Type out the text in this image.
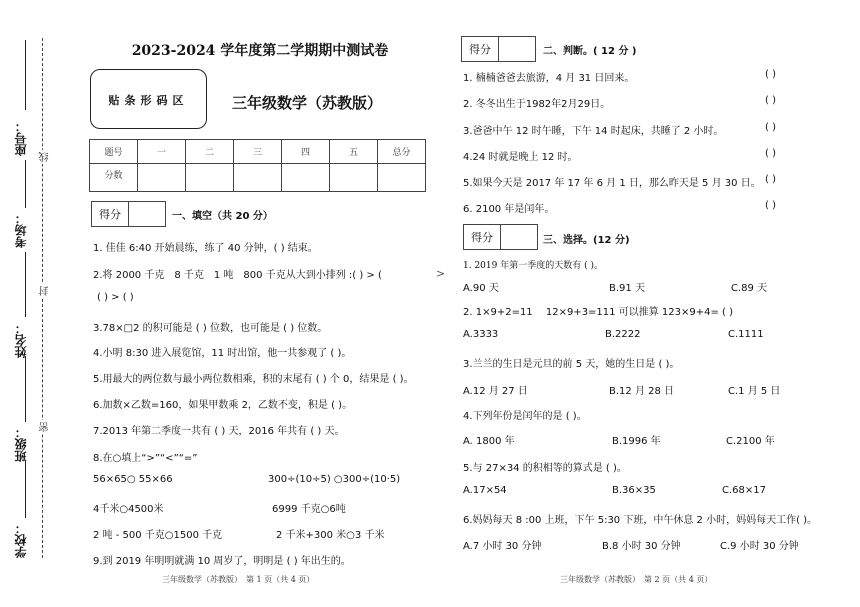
座号：
考场：
姓名：
班级：
学校：
线
封
密
2023-2024 学年度第二学期期中测试卷
贴条形码区	三年级数学（苏教版）
题号	一	二	三	四	五	总分
分数						
得分	一、填空（共 20 分）
1. 佳佳 6:40 开始晨练，练了 40 分钟，( ) 结束。
2.将 2000 千克　8 千克　1 吨　800 千克从大到小排列 :( ) > (	>
( ) > ( )
3.78×□2 的积可能是 ( ) 位数，也可能是 ( ) 位数。
4.小明 8:30 进入展览馆，11 时出馆，他一共参观了 ( )。
5.用最大的两位数与最小两位数相乘，积的末尾有 ( ) 个 0，结果是 ( )。
6.加数×乙数=160，如果甲数乘 2，乙数不变，积是 ( )。
7.2013 年第二季度一共有 ( ) 天，2016 年共有 ( ) 天。
8.在○填上“>”“<”“=”
56×65○ 55×66	300÷(10÷5) ○300÷(10·5)
4千米○4500米	6999 千克○6吨
2 吨 - 500 千克○1500 千克	2 千米+300 米○3 千米
9.到 2019 年明明就满 10 周岁了，明明是 ( ) 年出生的。
三年级数学（苏教版）　第 1 页（共 4 页）
得分	二、判断。( 12 分 )
1. 楠楠爸爸去旅游，4 月 31 日回来。	( )
2. 冬冬出生于1982年2月29日。	( )
3.爸爸中午 12 时午睡，下午 14 时起床，共睡了 2 小时。	( )
4.24 时就是晚上 12 时。	( )
5.如果今天是 2017 年 17 年 6 月 1 日，那么昨天是 5 月 30 日。 ( )
6. 2100 年是闰年。	( )
得分	三、选择。(12 分)
1. 2019 年第一季度的天数有 ( )。
A.90 天	B.91 天	C.89 天
2. 1×9+2=11　 12×9+3=111 可以推算 123×9+4= ( )
A.3333	B.2222	C.1111
3.兰兰的生日是元旦的前 5 天，她的生日是 ( )。
A.12 月 27 日	B.12 月 28 日	C.1 月 5 日
4.下列年份是闰年的是 ( )。
A. 1800 年	B.1996 年	C.2100 年
5.与 27×34 的积相等的算式是 ( )。
A.17×54	B.36×35	C.68×17
6.妈妈每天 8 :00 上班，下午 5:30 下班，中午休息 2 小时，妈妈每天工作( )。
A.7 小时 30 分钟	B.8 小时 30 分钟	C.9 小时 30 分钟
三年级数学（苏教版）　第 2 页（共 4 页）
